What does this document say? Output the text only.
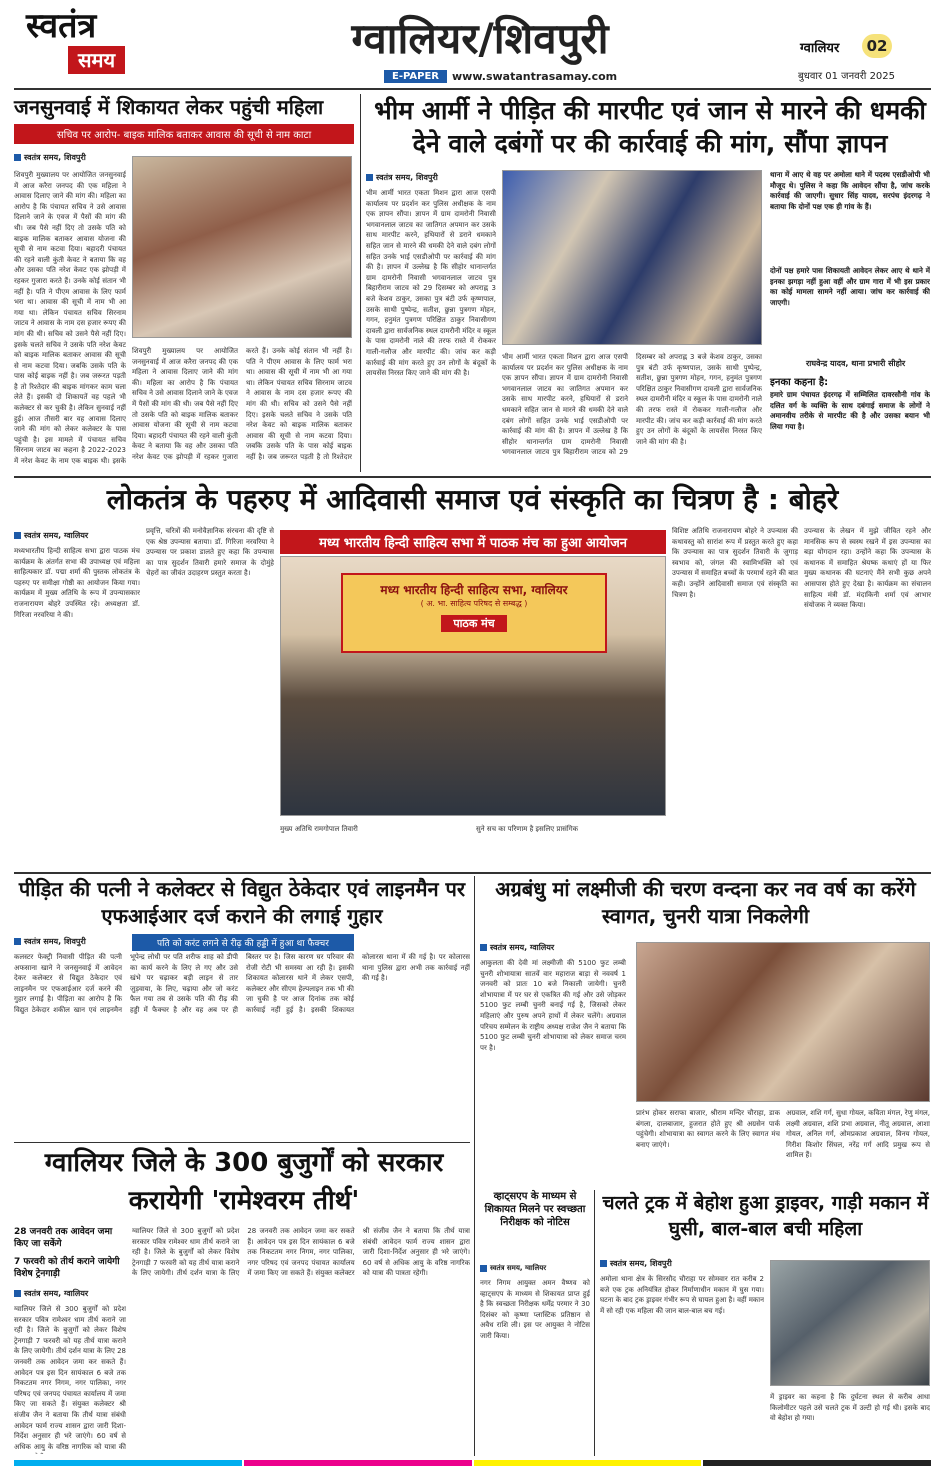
स्वतंत्र
समय	ग्वालियर/शिवपुरी
E-PAPER	www.swatantrasamay.com
ग्वालियर	02
बुधवार 01 जनवरी 2025
जनसुनवाई में शिकायत लेकर पहुंची महिला
सचिव पर आरोप- बाइक मालिक बताकर आवास की सूची से नाम काटा
स्वतंत्र समय, शिवपुरी
शिवपुरी मुख्यालय पर आयोजित जनसुनवाई में आज करैरा जनपद की एक महिला ने आवास दिलाए जाने की मांग की। महिला का आरोप है कि पंचायत सचिव ने उसे आवास दिलाने जाने के एवज में पैसों की मांग की थी। जब पैसे नहीं दिए तो उसके पति को बाइक मालिक बताकर आवास योजना की सूची से नाम कटवा दिया। बहादरी पंचायत की रहने वाली कुंती केवट ने बताया कि वह और उसका पति नरेश केवट एक झोपड़ी में रहकर गुजारा करते हैं। उनके कोई संतान भी नहीं है। पति ने पीएम आवास के लिए फार्म भरा था। आवास की सूची में नाम भी आ गया था। लेकिन पंचायत सचिव सिरनाम जाटव ने आवास के नाम दस हजार रूपए की मांग की थी। सचिव को उसने पैसे नहीं दिए। इसके चलते सचिव ने उसके पति नरेश केवट को बाइक मालिक बताकर आवास की सूची से नाम कटवा दिया। जबकि उसके पति के पास कोई बाइक नहीं है। जब जरूरत पड़ती है तो रिश्तेदार की बाइक मांगकर काम चला लेते हैं। इसकी दो शिकायतें वह पहले भी कलेक्टर से कर चुकी है। लेकिन सुनवाई नहीं हुई। आज तीसरी बार वह आवास दिलाए जाने की मांग को लेकर कलेक्टर के पास पहुंची है। इस मामले में पंचायत सचिव सिरनाम जाटव का कहना है 2022-2023 में नरेश केवट के नाम एक बाइक थी। इसके
शिवपुरी मुख्यालय पर आयोजित जनसुनवाई में आज करैरा जनपद की एक महिला ने आवास दिलाए जाने की मांग की। महिला का आरोप है कि पंचायत सचिव ने उसे आवास दिलाने जाने के एवज में पैसों की मांग की थी। जब पैसे नहीं दिए तो उसके पति को बाइक मालिक बताकर आवास योजना की सूची से नाम कटवा दिया। बहादरी पंचायत की रहने वाली कुंती केवट ने बताया कि वह और उसका पति नरेश केवट एक झोपड़ी में रहकर गुजारा करते हैं। उनके कोई संतान भी नहीं है। पति ने पीएम आवास के लिए फार्म भरा था। आवास की सूची में नाम भी आ गया था। लेकिन पंचायत सचिव सिरनाम जाटव ने आवास के नाम दस हजार रूपए की मांग की थी। सचिव को उसने पैसे नहीं दिए। इसके चलते सचिव ने उसके पति नरेश केवट को बाइक मालिक बताकर आवास की सूची से नाम कटवा दिया। जबकि उसके पति के पास कोई बाइक नहीं है। जब जरूरत पड़ती है तो रिश्तेदार
भीम आर्मी ने पीड़ित की मारपीट एवं जान से मारने की धमकी देने वाले दबंगों पर की कार्रवाई की मांग, सौंपा ज्ञापन
स्वतंत्र समय, शिवपुरी
भीम आर्मी भारत एकता मिशन द्वारा आज एसपी कार्यालय पर प्रदर्शन कर पुलिस अधीक्षक के नाम एक ज्ञापन सौंपा। ज्ञापन में ग्राम दामरोनी निवासी भगवानलाल जाटव का जातिगत अपमान कर उसके साथ मारपीट करने, हथियारों से डराने धमकाने सहित जान से मारने की धमकी देने वाले दबंग लोगों सहित उनके भाई एसडीओपी पर कार्रवाई की मांग की है। ज्ञापन में उल्लेख है कि सीहोर थानान्तर्गत ग्राम दामरोनी निवासी भगवानलाल जाटव पुत्र बिहारीराम जाटव को 29 दिसम्बर को अपराह्न 3 बजे केशव ठाकुर, उसका पुत्र बंटी उर्फ कृष्णपाल, उसके साथी पुष्पेन्द्र, सतीश, छुन्ना पुत्रगण मोहन, गगन, हनुमंत पुत्रगण परिक्षित ठाकुर निवासीगण दावली द्वारा सार्वजनिक स्थल दामरौनी मंदिर व स्कूल के पास दामरोनी नाले की तरफ रास्ते में रोककर गाली-गलौज और मारपीट की। जांच कर कड़ी कार्रवाई की मांग करते हुए उन लोगों के बंदूकों के लायसेंस निरस्त किए जाने की मांग की है।
भीम आर्मी भारत एकता मिशन द्वारा आज एसपी कार्यालय पर प्रदर्शन कर पुलिस अधीक्षक के नाम एक ज्ञापन सौंपा। ज्ञापन में ग्राम दामरोनी निवासी भगवानलाल जाटव का जातिगत अपमान कर उसके साथ मारपीट करने, हथियारों से डराने धमकाने सहित जान से मारने की धमकी देने वाले दबंग लोगों सहित उनके भाई एसडीओपी पर कार्रवाई की मांग की है। ज्ञापन में उल्लेख है कि सीहोर थानान्तर्गत ग्राम दामरोनी निवासी भगवानलाल जाटव पुत्र बिहारीराम जाटव को 29 दिसम्बर को अपराह्न 3 बजे केशव ठाकुर, उसका पुत्र बंटी उर्फ कृष्णपाल, उसके साथी पुष्पेन्द्र, सतीश, छुन्ना पुत्रगण मोहन, गगन, हनुमंत पुत्रगण परिक्षित ठाकुर निवासीगण दावली द्वारा सार्वजनिक स्थल दामरौनी मंदिर व स्कूल के पास दामरोनी नाले की तरफ रास्ते में रोककर गाली-गलौज और मारपीट की। जांच कर कड़ी कार्रवाई की मांग करते हुए उन लोगों के बंदूकों के लायसेंस निरस्त किए जाने की मांग की है।
इनका कहना है:
हमारे ग्राम पंचायत इंदरगढ़ में सम्मिलित दावरसौनी गांव के दलित वर्ग के व्यक्ति के साथ दबंगाई समाज के लोगों ने अमानवीय तरीके से मारपीट की है और उसका बयान भी लिया गया है।
थाना में आए थे वह पर अमोला थाने में पदस्थ एसडीओपी भी मौजूद थे। पुलिस ने कहा कि आवेदन सौंपा है, जांच करके कार्रवाई की जाएगी। सुधार सिंह यादव, सरपंच इंदरगढ़ ने बताया कि दोनों पक्ष एक ही गांव के हैं।
दोनों पक्ष हमारे पास शिकायती आवेदन लेकर आए थे थाने में इनका झगड़ा नहीं हुआ वहीं और ग्राम गारा में भी इस प्रकार का कोई मामला सामने नहीं आया। जांच कर कार्रवाई की जाएगी।
राघवेन्द्र यादव, थाना प्रभारी सीहोर
लोकतंत्र के पहरुए में आदिवासी समाज एवं संस्कृति का चित्रण है : बोहरे
स्वतंत्र समय, ग्वालियर
मध्यभारतीय हिन्दी साहित्य सभा द्वारा पाठक मंच कार्यक्रम के अंतर्गत सभा की उपाध्यक्ष एवं महिला साहित्यकार डॉ. पद्मा शर्मा की पुस्तक लोकतंत्र के पहरुए पर समीक्षा गोष्ठी का आयोजन किया गया। कार्यक्रम में मुख्य अतिथि के रूप में उपन्यासकार राजनारायण बोहरे उपस्थित रहे। अध्यक्षता डॉ. गिरिजा नरवरिया ने की।
प्रवृत्ति, चरित्रों की मनोवैज्ञानिक संरचना की दृष्टि से एक श्रेष्ठ उपन्यास बताया। डॉ. गिरिजा नरवरिया ने उपन्यास पर प्रकाश डालते हुए कहा कि उपन्यास का पात्र सुदर्शन तिवारी हमारे समाज के दोमुंहे चेहरों का जीवंत उदाहरण प्रस्तुत करता है।
मध्य भारतीय हिन्दी साहित्य सभा में पाठक मंच का हुआ आयोजन
मध्य भारतीय हिन्दी साहित्य सभा, ग्वालियर
( अ. भा. साहित्य परिषद से सम्बद्ध )
पाठक मंच
मुख्य अतिथि रामगोपाल तिवारी	सुने सच का परिणाम है इसलिए प्रासंगिक
विशिष्ट अतिथि राजनारायण बोहरे ने उपन्यास की कथावस्तु को सारांश रूप में प्रस्तुत करते हुए कहा कि उपन्यास का पात्र सुदर्शन तिवारी के जुगाड़ स्वभाव को, जंगल की स्वामिभक्ति को एवं उपन्यास में समाहित बच्चों के परमार्थ रहने की बात कही। उन्होंने आदिवासी समाज एवं संस्कृति का चित्रण है।
उपन्यास के लेखन में मुझे जीवित रहने और मानसिक रूप से स्वस्थ रखने में इस उपन्यास का बड़ा योगदान रहा। उन्होंने कहा कि उपन्यास के कथानक में समाहित श्रेयष्क कथाएं हों या फिर मुख्य कथानक की घटनाएं मैंने सभी कुछ अपने आसपास होते हुए देखा है। कार्यक्रम का संचालन साहित्य मंत्री डॉ. मंदाकिनी शर्मा एवं आभार संयोजक ने व्यक्त किया।
पीड़ित की पत्नी ने कलेक्टर से विद्युत ठेकेदार एवं लाइनमैन पर एफआईआर दर्ज कराने की लगाई गुहार
स्वतंत्र समय, शिवपुरी	पति को करंट लगने से रीढ़ की हड्डी में हुआ था फैक्चर
कलस्टर फेक्ट्री निवासी पीड़ित की पत्नी अफसाना खाने ने जनसुनवाई में आवेदन देकर कलेक्टर से विद्युत ठेकेदार एवं लाइनमैन पर एफआईआर दर्ज करने की गुहार लगाई है। पीड़िता का आरोप है कि विद्युत ठेकेदार शकील खान एवं लाइनमैन भूपेन्द्र लोधी पर पति शरीफ शाह को डीपी का कार्य करने के लिए ले गए और उसे खंभे पर चढ़ाकर बड़ी लाइन से तार जुड़वाया, के लिए, चढ़ाया और जो करंट फैल गया तब से उसके पति की रीढ़ की हड्डी में फैक्चर है और वह अब पर ही बिस्तर पर है। जिस कारण घर परिवार की रोजी रोटी भी समस्या आ रही है। इसकी शिकायत कोलारस थाने में लेकर एसपी, कलेक्टर और सीएम हेल्पलाइन तक भी की जा चुकी है पर आज दिनांक तक कोई कार्रवाई नहीं हुई है। इसकी शिकायत कोलारस थाना में की गई है। पर कोलारस थाना पुलिस द्वारा अभी तक कार्रवाई नहीं की गई है।
अग्रबंधु मां लक्ष्मीजी की चरण वन्दना कर नव वर्ष का करेंगे स्वागत, चुनरी यात्रा निकलेगी
स्वतंत्र समय, ग्वालियर
आकुलता की देवी मां लक्ष्मीजी की 5100 फुट लम्बी चुनरी शोभायात्रा सातवें वार महाराज बाड़ा से नववर्ष 1 जनवरी को प्रातः 10 बजे निकाली जायेगी। चुनरी शोभायात्रा में पर घर से एकत्रित की गई और उसे जोड़कर 5100 फुट लम्बी चुनरी बनाई गई है, जिसको लेकर महिलाएं और पुरुष अपने हाथों में लेकर चलेंगे। अग्रवाल परिचय सम्मेलन के राष्ट्रीय अध्यक्ष राजेश जैन ने बताया कि 5100 फुट लम्बी चुनरी शोभायात्रा को लेकर समाज चरम पर है।
प्रारंभ होकर सराफा बाजार, श्रीराम मन्दिर चौराहा, डाक बंगला, दालबाजार, हुजरात होते हुए श्री अग्रसेन पार्क पहुंचेगी। शोभायात्रा का स्वागत करने के लिए स्वागत मंच बनाए जाएंगे।
अग्रवाल, शशि गर्ग, सुधा गोयल, कविता मंगल, रेणु मंगल, लक्ष्मी अग्रवाल, शशि प्रभा अग्रवाल, नीतू अग्रवाल, आशा गोयल, अनिल गर्ग, ओमप्रकाश अग्रवाल, विनय गोयल, गिरीश किशोर सिंघल, नरेंद्र गर्ग आदि प्रमुख रूप से शामिल हैं।
ग्वालियर जिले के 300 बुजुर्गों को सरकार करायेगी 'रामेश्वरम तीर्थ'
28 जनवरी तक आवेदन जमा किए जा सकेंगे
7 फरवरी को तीर्थ कराने जायेगी विशेष ट्रेनगाड़ी
स्वतंत्र समय, ग्वालियर
ग्वालियर जिले से 300 बुजुर्गों को प्रदेश सरकार पवित्र रामेश्वर धाम तीर्थ कराने जा रही है। जिले के बुजुर्गों को लेकर विशेष ट्रेनगाड़ी 7 फरवरी को यह तीर्थ यात्रा कराने के लिए जायेगी। तीर्थ दर्शन यात्रा के लिए 28 जनवरी तक आवेदन जमा कर सकते हैं। आवेदन पत्र इस दिन सायंकाल 6 बजे तक निकटतम नगर निगम, नगर पालिका, नगर परिषद एवं जनपद पंचायत कार्यालय में जमा किए जा सकते हैं। संयुक्त कलेक्टर श्री संजीव जैन ने बताया कि तीर्थ यात्रा संबंधी आवेदन फार्म राज्य शासन द्वारा जारी दिशा-निर्देश अनुसार ही भरे जाएंगे। 60 वर्ष से अधिक आयु के वरिष्ठ नागरिक को यात्रा की
ग्वालियर जिले से 300 बुजुर्गों को प्रदेश सरकार पवित्र रामेश्वर धाम तीर्थ कराने जा रही है। जिले के बुजुर्गों को लेकर विशेष ट्रेनगाड़ी 7 फरवरी को यह तीर्थ यात्रा कराने के लिए जायेगी। तीर्थ दर्शन यात्रा के लिए 28 जनवरी तक आवेदन जमा कर सकते हैं। आवेदन पत्र इस दिन सायंकाल 6 बजे तक निकटतम नगर निगम, नगर पालिका, नगर परिषद एवं जनपद पंचायत कार्यालय में जमा किए जा सकते हैं। संयुक्त कलेक्टर श्री संजीव जैन ने बताया कि तीर्थ यात्रा संबंधी आवेदन फार्म राज्य शासन द्वारा जारी दिशा-निर्देश अनुसार ही भरे जाएंगे। 60 वर्ष से अधिक आयु के वरिष्ठ नागरिक को यात्रा की पात्रता रहेगी।
व्हाट्सएप के माध्यम से शिकायत मिलने पर स्वच्छता निरीक्षक को नोटिस
स्वतंत्र समय, ग्वालियर
नगर निगम आयुक्त अमन वैष्णव को व्हाट्सएप के माध्यम से शिकायत प्राप्त हुई है कि स्वच्छता निरीक्षक धर्मेंद्र परमार ने 30 दिसंबर को कृष्णा प्लास्टिक प्रतिष्ठान से अवैध राशि ली। इस पर आयुक्त ने नोटिस जारी किया।
चलते ट्रक में बेहोश हुआ ड्राइवर, गाड़ी मकान में घुसी, बाल-बाल बची महिला
स्वतंत्र समय, शिवपुरी
अमोला थाना क्षेत्र के सिरसौद चौराहा पर सोमवार रात करीब 2 बजे एक ट्रक अनियंत्रित होकर निर्माणाधीन मकान में घुस गया। घटना के बाद ट्रक ड्राइवर गंभीर रूप से घायल हुआ है। वहीं मकान में सो रही एक महिला की जान बाल-बाल बच गई।
में ड्राइवर का कहना है कि दुर्घटना स्थल से करीब आधा किलोमीटर पहले उसे चलते ट्रक में उल्टी हो गई थी। इसके बाद वो बेहोश हो गया।
